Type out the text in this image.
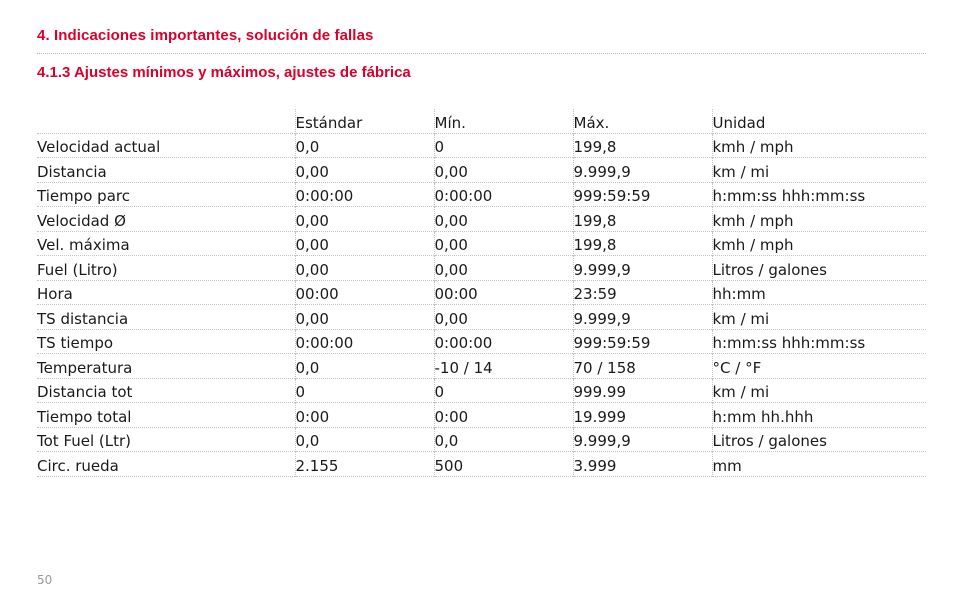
4. Indicaciones importantes, solución de fallas
4.1.3 Ajustes mínimos y máximos, ajustes de fábrica
	Estándar	Mín.	Máx.	Unidad
Velocidad actual	0,0	0	199,8	kmh / mph
Distancia	0,00	0,00	9.999,9	km / mi
Tiempo parc	0:00:00	0:00:00	999:59:59	h:mm:ss hhh:mm:ss
Velocidad Ø	0,00	0,00	199,8	kmh / mph
Vel. máxima	0,00	0,00	199,8	kmh / mph
Fuel (Litro)	0,00	0,00	9.999,9	Litros / galones
Hora	00:00	00:00	23:59	hh:mm
TS distancia	0,00	0,00	9.999,9	km / mi
TS tiempo	0:00:00	0:00:00	999:59:59	h:mm:ss hhh:mm:ss
Temperatura	0,0	-10 / 14	70 / 158	°C / °F
Distancia tot	0	0	999.99	km / mi
Tiempo total	0:00	0:00	19.999	h:mm hh.hhh
Tot Fuel (Ltr)	0,0	0,0	9.999,9	Litros / galones
Circ. rueda	2.155	500	3.999	mm
50
